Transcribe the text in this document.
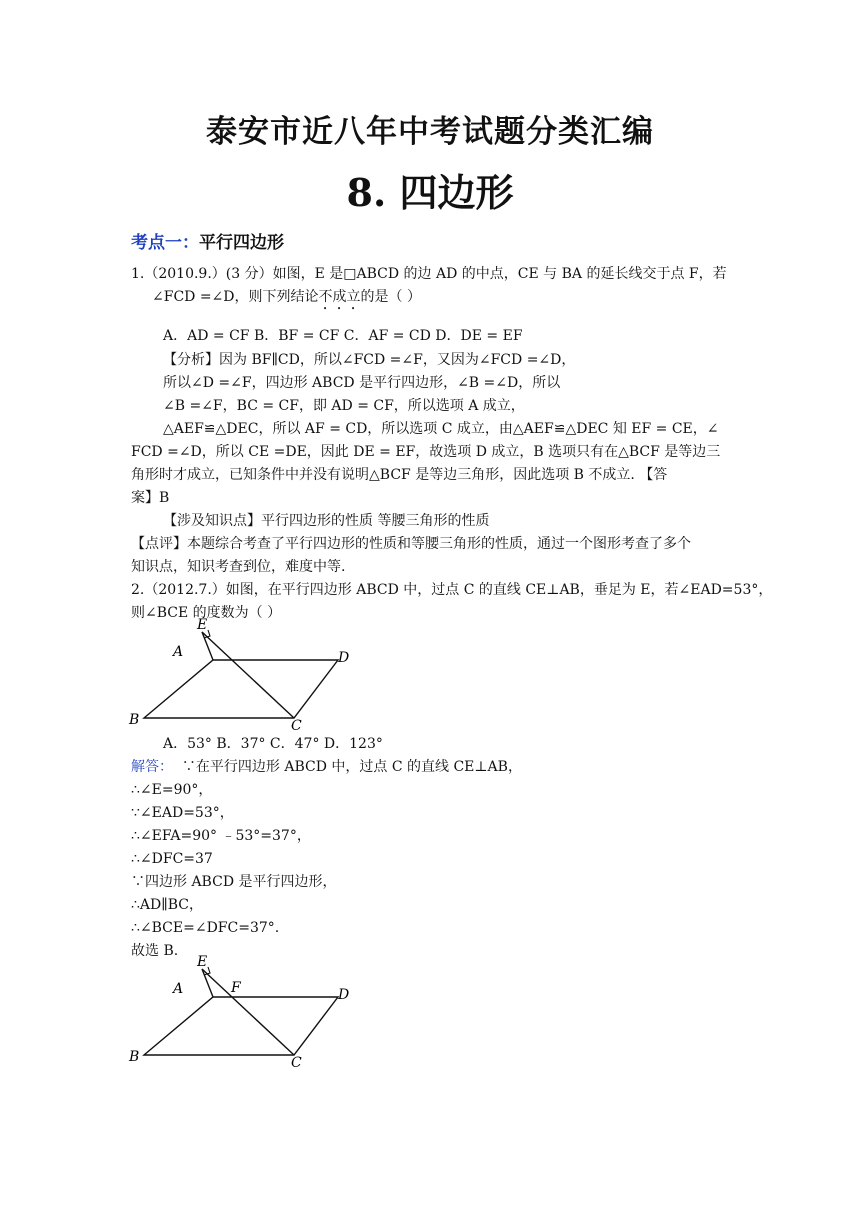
泰安市近八年中考试题分类汇编
8. 四边形
考点一：平行四边形
1.（2010.9.）(3 分）如图，E 是□ABCD 的边 AD 的中点，CE 与 BA 的延长线交于点 F，若
∠FCD =∠D，则下列结论不成立的是（ ）
A．AD = CF B．BF = CF C．AF = CD D．DE = EF
【分析】因为 BF∥CD，所以∠FCD =∠F，又因为∠FCD =∠D，
所以∠D =∠F，四边形 ABCD 是平行四边形，∠B =∠D，所以
∠B =∠F，BC = CF，即 AD = CF，所以选项 A 成立，
△AEF≌△DEC，所以 AF = CD，所以选项 C 成立，由△AEF≌△DEC 知 EF = CE，∠
FCD =∠D，所以 CE =DE，因此 DE = EF，故选项 D 成立，B 选项只有在△BCF 是等边三
角形时才成立，已知条件中并没有说明△BCF 是等边三角形，因此选项 B 不成立. 【答
案】B
【涉及知识点】平行四边形的性质 等腰三角形的性质
【点评】本题综合考查了平行四边形的性质和等腰三角形的性质，通过一个图形考查了多个
知识点，知识考查到位，难度中等.
2.（2012.7.）如图，在平行四边形 ABCD 中，过点 C 的直线 CE⊥AB，垂足为 E，若∠EAD=53°，
则∠BCE 的度数为（ ）
E
A	D
B	C
A．53° B．37° C．47° D．123°
解答： ∵在平行四边形 ABCD 中，过点 C 的直线 CE⊥AB，
∴∠E=90°，
∵∠EAD=53°，
∴∠EFA=90° ﹣53°=37°，
∴∠DFC=37
∵四边形 ABCD 是平行四边形，
∴AD∥BC，
∴∠BCE=∠DFC=37°.
故选 B.
E
A	F	D
B	C
